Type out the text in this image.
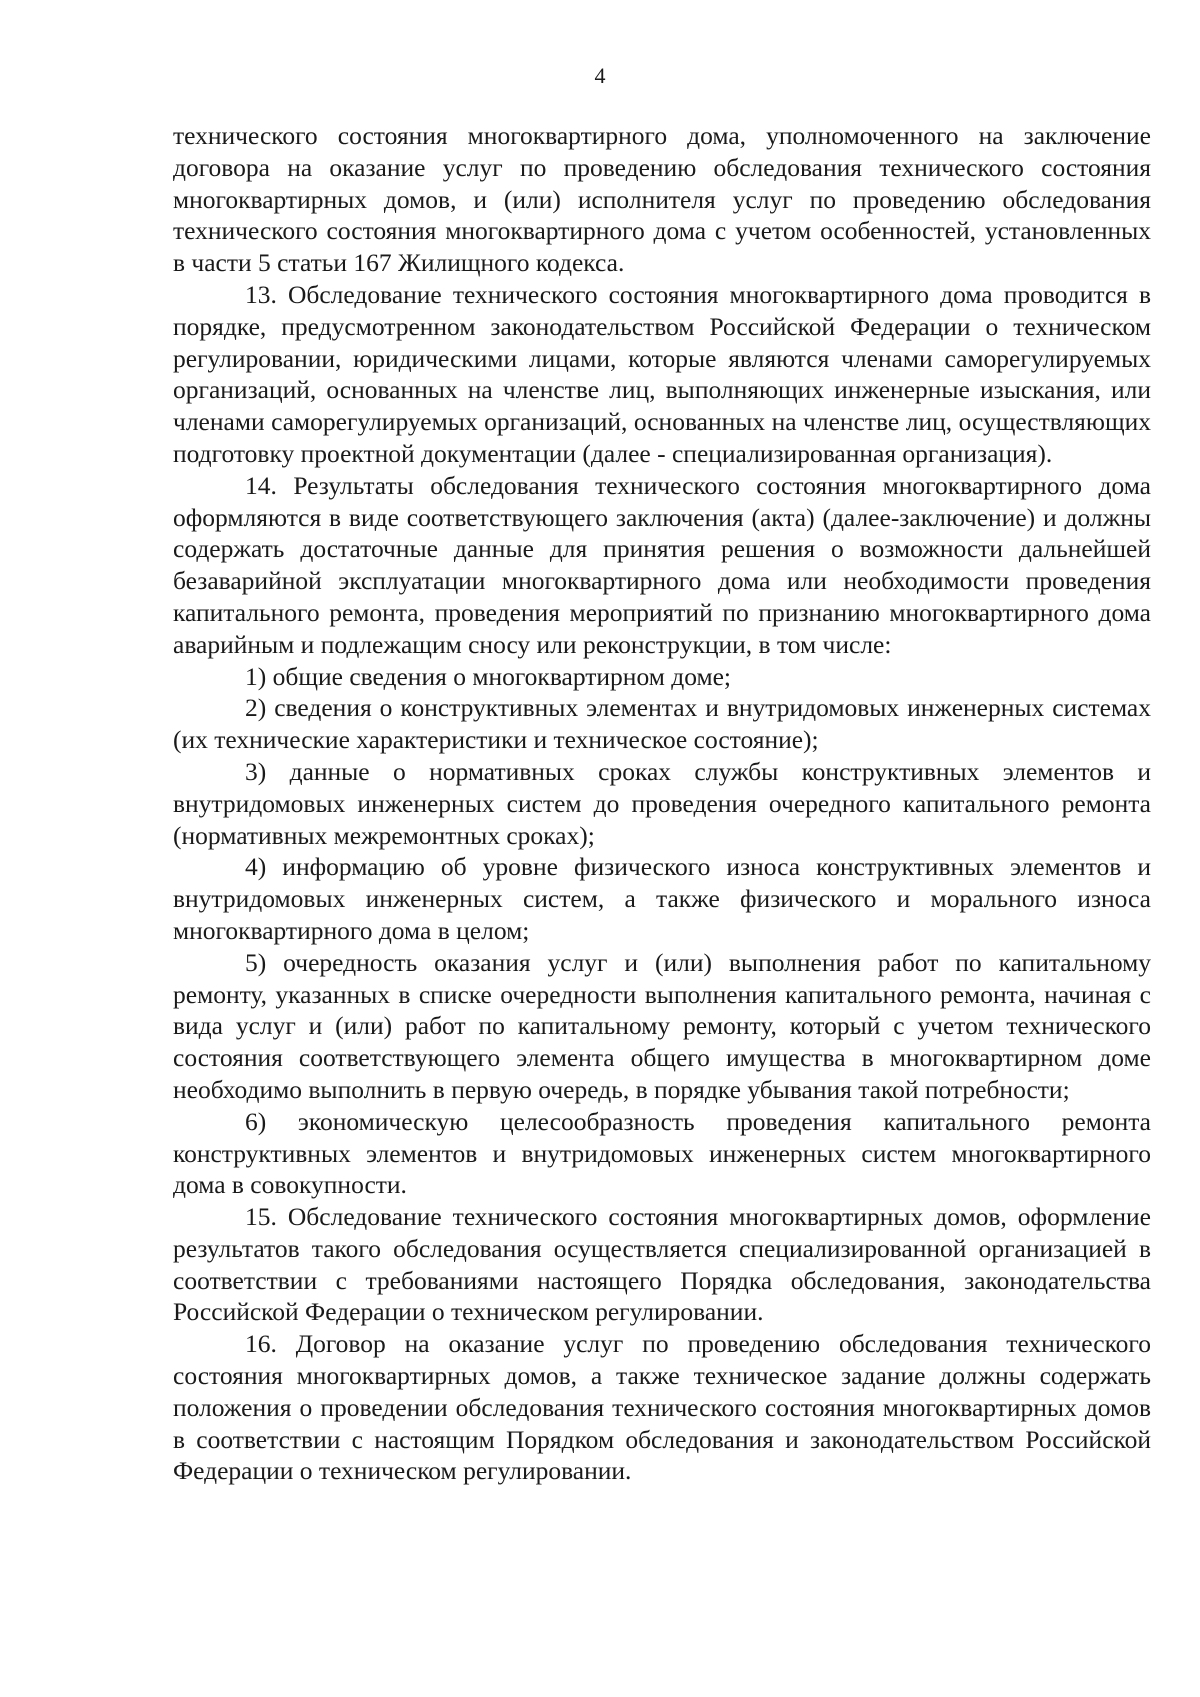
4

технического состояния многоквартирного дома, уполномоченного на заключение договора на оказание услуг по проведению обследования технического состояния многоквартирных домов, и (или) исполнителя услуг по проведению обследования технического состояния многоквартирного дома с учетом особенностей, установленных в части 5 статьи 167 Жилищного кодекса.

13. Обследование технического состояния многоквартирного дома проводится в порядке, предусмотренном законодательством Российской Федерации о техническом регулировании, юридическими лицами, которые являются членами саморегулируемых организаций, основанных на членстве лиц, выполняющих инженерные изыскания, или членами саморегулируемых организаций, основанных на членстве лиц, осуществляющих подготовку проектной документации (далее - специализированная организация).

14. Результаты обследования технического состояния многоквартирного дома оформляются в виде соответствующего заключения (акта) (далее-заключение) и должны содержать достаточные данные для принятия решения о возможности дальнейшей безаварийной эксплуатации многоквартирного дома или необходимости проведения капитального ремонта, проведения мероприятий по признанию многоквартирного дома аварийным и подлежащим сносу или реконструкции, в том числе:

1) общие сведения о многоквартирном доме;

2) сведения о конструктивных элементах и внутридомовых инженерных системах (их технические характеристики и техническое состояние);

3) данные о нормативных сроках службы конструктивных элементов и внутридомовых инженерных систем до проведения очередного капитального ремонта (нормативных межремонтных сроках);

4) информацию об уровне физического износа конструктивных элементов и внутридомовых инженерных систем, а также физического и морального износа многоквартирного дома в целом;

5) очередность оказания услуг и (или) выполнения работ по капитальному ремонту, указанных в списке очередности выполнения капитального ремонта, начиная с вида услуг и (или) работ по капитальному ремонту, который с учетом технического состояния соответствующего элемента общего имущества в многоквартирном доме необходимо выполнить в первую очередь, в порядке убывания такой потребности;

6) экономическую целесообразность проведения капитального ремонта конструктивных элементов и внутридомовых инженерных систем многоквартирного дома в совокупности.

15. Обследование технического состояния многоквартирных домов, оформление результатов такого обследования осуществляется специализированной организацией в соответствии с требованиями настоящего Порядка обследования, законодательства Российской Федерации о техническом регулировании.

16. Договор на оказание услуг по проведению обследования технического состояния многоквартирных домов, а также техническое задание должны содержать положения о проведении обследования технического состояния многоквартирных домов в соответствии с настоящим Порядком обследования и законодательством Российской Федерации о техническом регулировании.
